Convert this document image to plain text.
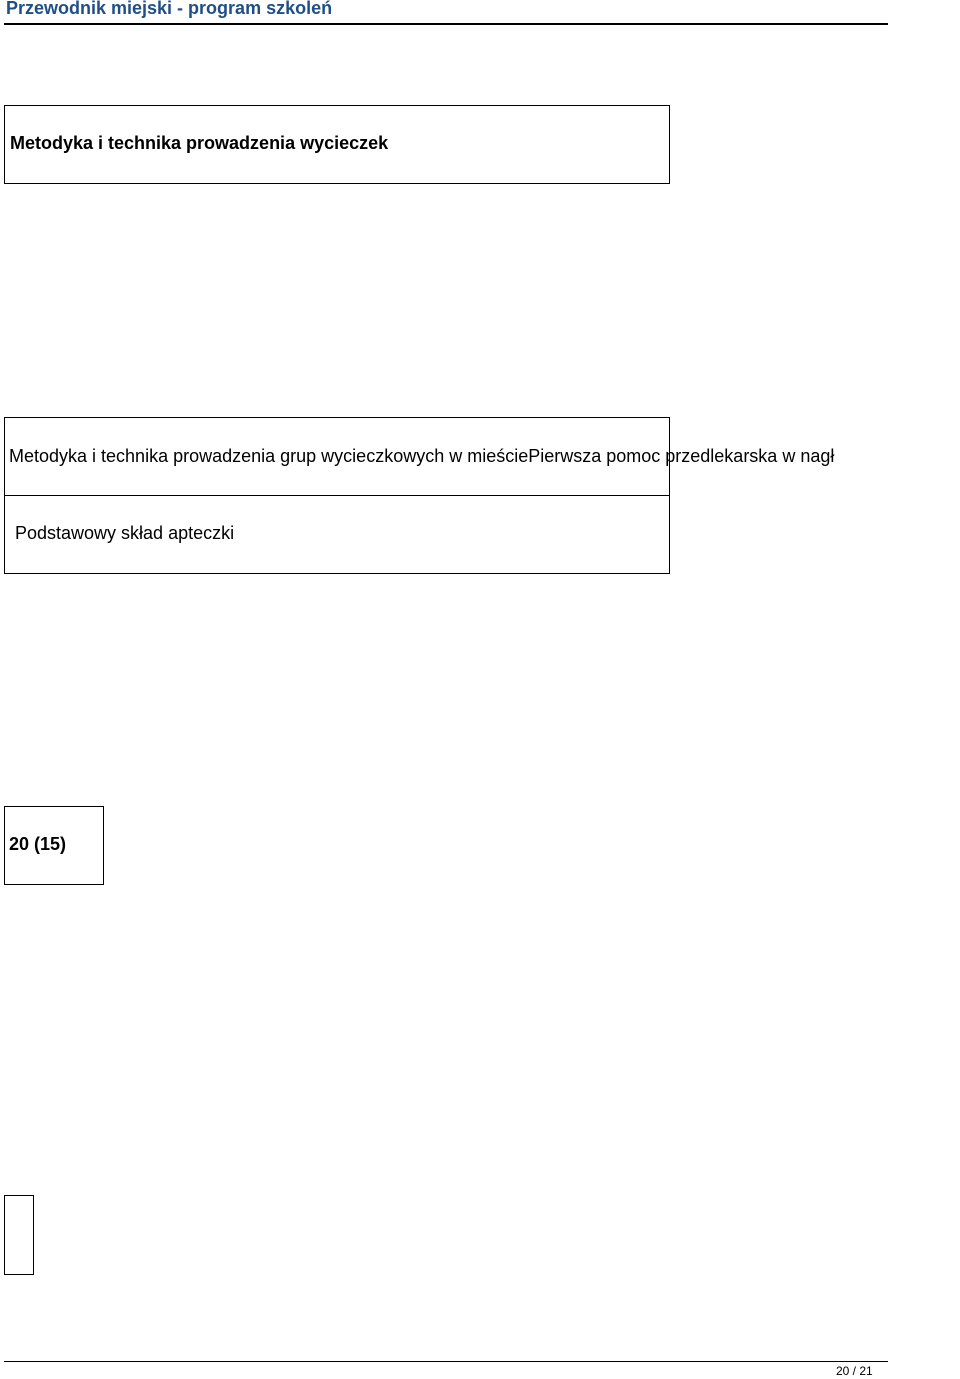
Przewodnik miejski - program szkoleń
Metodyka i technika prowadzenia wycieczek
Metodyka i technika prowadzenia grup wycieczkowych w mieściePierwsza pomoc przedlekarska w nagł
Podstawowy skład apteczki
20 (15)
20 / 21
